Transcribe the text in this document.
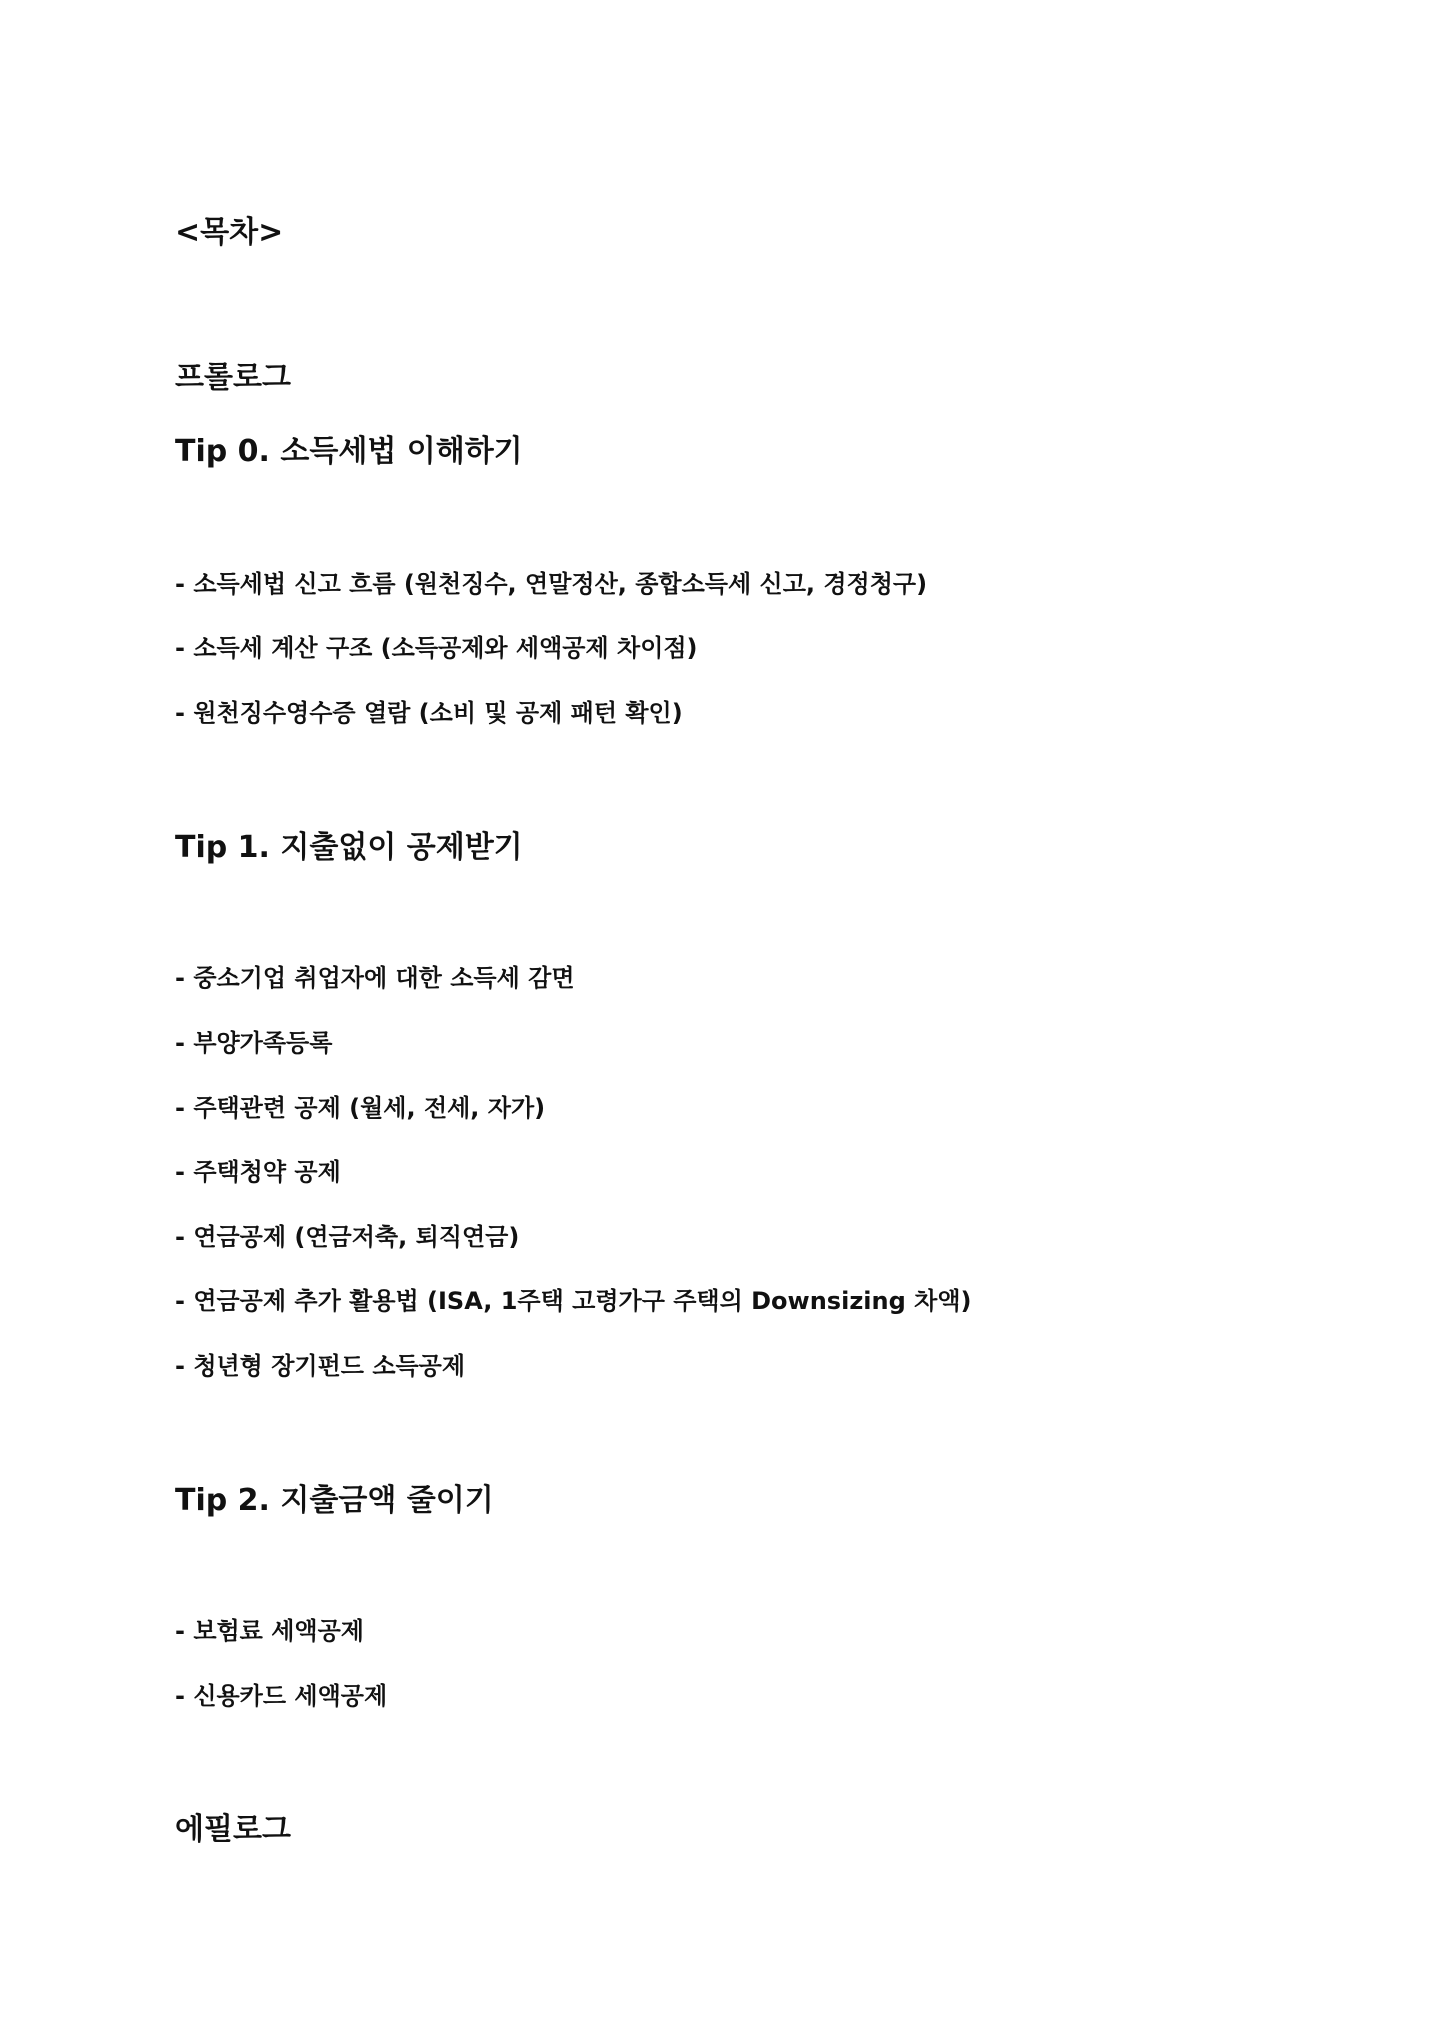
<목차>
프롤로그
Tip 0. 소득세법 이해하기
- 소득세법 신고 흐름 (원천징수, 연말정산, 종합소득세 신고, 경정청구)
- 소득세 계산 구조 (소득공제와 세액공제 차이점)
- 원천징수영수증 열람 (소비 및 공제 패턴 확인)
Tip 1. 지출없이 공제받기
- 중소기업 취업자에 대한 소득세 감면
- 부양가족등록
- 주택관련 공제 (월세, 전세, 자가)
- 주택청약 공제
- 연금공제 (연금저축, 퇴직연금)
- 연금공제 추가 활용법 (ISA, 1주택 고령가구 주택의 Downsizing 차액)
- 청년형 장기펀드 소득공제
Tip 2. 지출금액 줄이기
- 보험료 세액공제
- 신용카드 세액공제
에필로그
